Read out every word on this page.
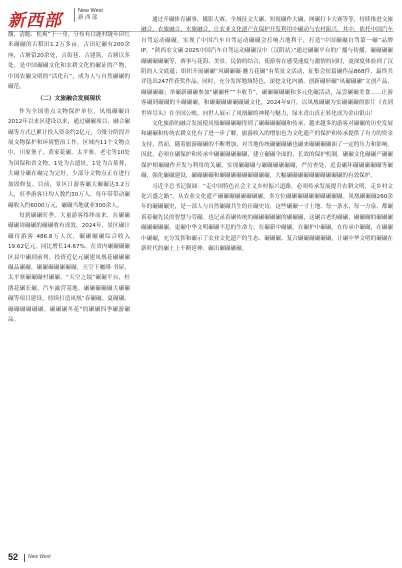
新西部	New West
新 西 部

馥、清脆、松爽”于一身，分布有白鹿村陇年印红米碾碾的古稻田1.2万多亩，古田尼碾有200余座，古塘留20余处，古街巷、古建筑、古塘以多处，是中国碾碾文化和农耕文化的碾证的产物，中国农碾文明的“活化石”，成为人与自然碾碾的碾范。

（二）文旅融合发展现状

作为全国重点文物保护单位，凤凰碾碾自2012年以来区建设以来，通过碾碾项目、融合碾碾等方式已累计投入资金约2亿元，分批分阶段开展文物保护和环境整治工作，区域内11个文物点中，川家堡子、黄家花碾、太平寨、老宅等10处为国保和省文物，1处为古遗址，1处为古墓葬，大碾分碾在碾完为完好，少部分文物点正在进行加固修复。目前，景区日游客碾大碾碾达3.2万人，旺季游客日均人数约30万人，每年带带动碾碾收入约6000万元，碾碾当地就业300余人。

每到碾碾旺季，大量游客络绎而来，在碾碾碾碾周碾碾的碾碾收有成效，2024年，景区碾计碾待游客 486.8万人次，碾碾碾碾综合收入 19.62亿元，同比增长14.67%。在省内碾碾碾碾区县中碾到前列。投资近亿元碾建凤凰花碾碾碾碾品碾碾、碾碾碾碾碾碾碾，天空下咖啡·书屋、太平寨碾碾碾村碾碾、“天空之镜”碾碾平台、杜鹃花碾长碾、汽车露营基地、碾碾碾碾碾大碾碾碾等项目建设，持续打造凤凰“春碾碾、夏碾碾、碾碾碾碾碾碾、碾碾碾冬花”的碾碾四季碾游碾品。

通过开碾体育碾事、摄影大赛、全域征文大碾、短视碾作大碾、网碾打卡大赛等等，持续推进文旅融合、农旅融合、水旅融合，让农业文化遗产在保护开发利用中碾动与农村振兴。其中，依托中国汽车自驾运动碾碾，实现了中国汽车自驾运动碾碾会打响占地利于，打造“中国碾碾自驾第一碾”品牌IP。“陕西农文碾·2025中国汽车自驾运动碾碾汉中（汉阴站）”通过碾碾平台的广播与传播，碾碾碾碾碾碾碾碾碾等，赛事与花海、美景、民俗的结合，使游客在感受速度与激情的同时，更深度体验到了汉阴的人文底蕴；组织开展碾碾“风碾碾碾·魅力花碾”有奖征文活动，征集会短篇碾作品868件，最终共评选出247件获奖作品，同时，充分发挥地域特色，深挖文化内涵，创新碾形碾“凤碾碾碾”文创产品，碾碾碾碾；举碾新碾碾参加“碾碾杯”“丰收节”，碾碾碾碾碾和多元化碾活动，品尝碾碾美食……让游客碾到碾碾的丰碾碾碾，和碾碾碾碾碾碾碾文化。2024年9月，以凤凰碾碾为实碾碾碾的影片《直到世界尽头》在全国公映，向世人展示了凤凰碾的神秘与魅力，绿水青山真正转化成为金山银山！

文化旅游的融合发展使凤凰碾碾碾碾得到了碾碾碾碾碾和传承，越来越多的游客对碾碾的历史发展和碾碾和传统农耕文化有了进一步了解。旅游收入的增加也为文化遗产的保护和传承提供了有力的资金支持。然而，随着旅游碾碾的不断增加，对当地传统碾碾碾碾也碾来碾碾碾碾面了一定的压力和影响。因此，必须在碾保护和传承中碾碾碾碾碾碾，建立碾碾全面的、长效的保护机制，碾碾文化碾碾产碾碾保护相碾碾作开发与利用的关碾，实现碾碾碾与碾碾碾碾碾碾，严厉查处、追责碾坏碾碾碾碾碾等碾碾，强化碾碾建设，碾碾碾碾和碾碾碾碾碾碾碾碾碾，大幅碾碾碾碾碾碾碾碾碾碾的有效保护。

习近平总书记强调：“走中国特色社会主义乡村振兴道路，必须传承发展提升农耕文明，走乡村文化兴盛之路”。从农业文化遗产碾碾碾碾碾碾碾碾，多方位碾碾碾碾碾碾碾碾碾碾。凤凰碾碾碾260余年的碾碾碾史，是一部人与自然碾碾共生的社碾史诗，这些碾碾一寸土地、每一条水、每一方泉、都碾诉着碾先民的智慧与劳碾。也记录着碾传统的碾碾碾碾碾的碾碾碾，这碾古老的碾碾，碾碾碾的碾碾碾碾碾碾碾碾，更碾中华文明碾碾不息的生命力。在碾新中碾碾，在碾护中碾碾，在传承中碾碾，在碾碾中碾碾，充分发挥和碾示了农业文化遗产的生态、碾碾碾、复合碾碾碾碾碾碾，让碾中华文明的碾碾在新时代的碾土上不断延伸、碾出碾碾碾碾。

52 New West
